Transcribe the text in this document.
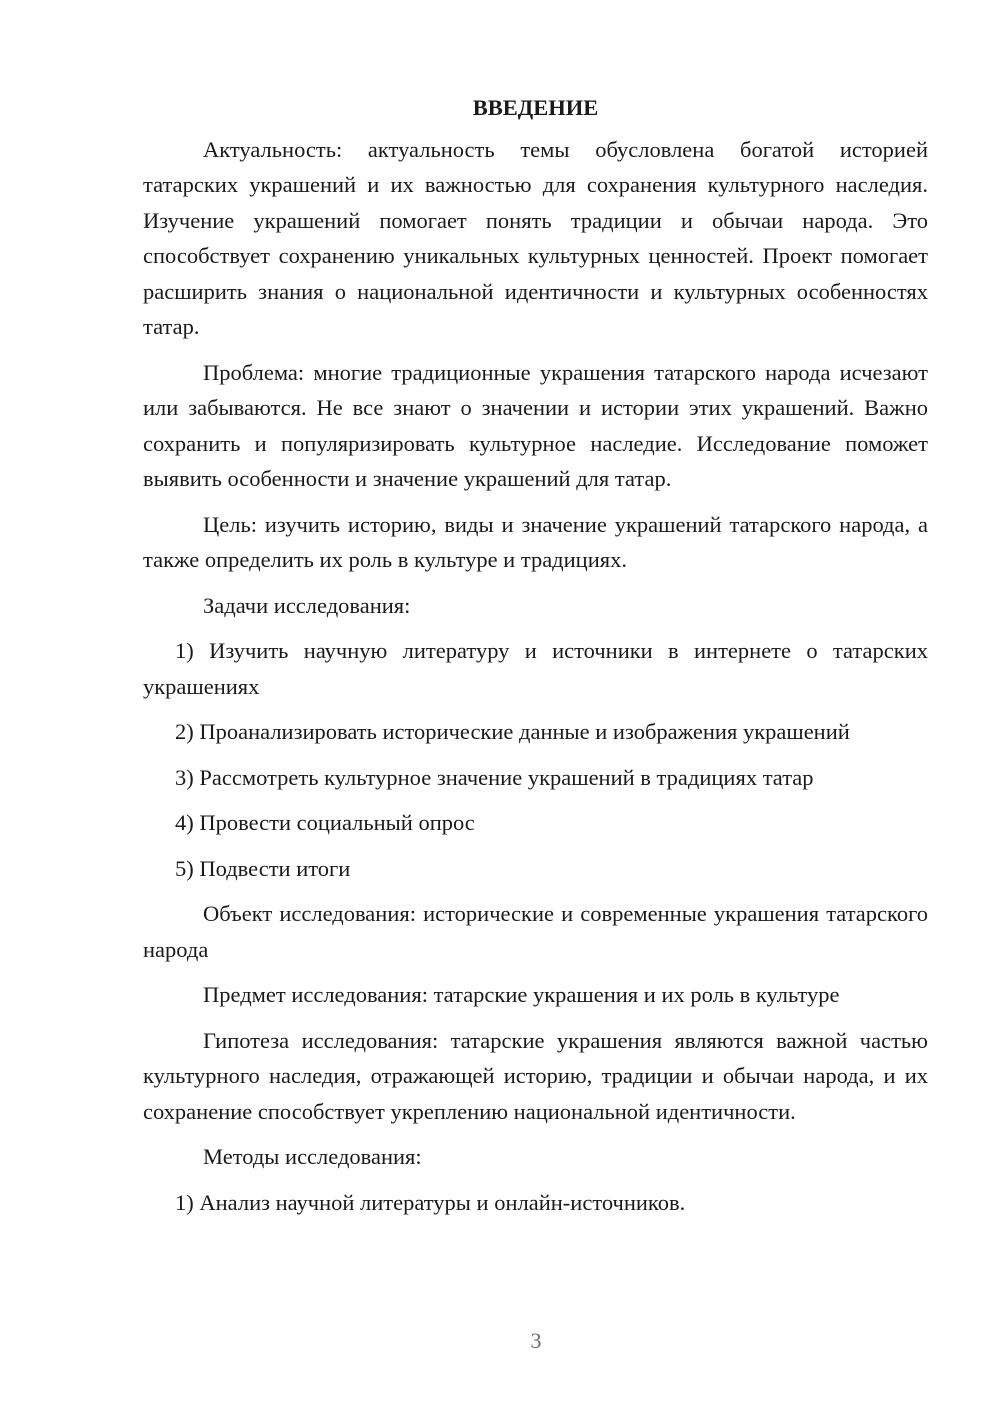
ВВЕДЕНИЕ

Актуальность: актуальность темы обусловлена богатой историей татарских украшений и их важностью для сохранения культурного наследия. Изучение украшений помогает понять традиции и обычаи народа. Это способствует сохранению уникальных культурных ценностей. Проект помогает расширить знания о национальной идентичности и культурных особенностях татар.

Проблема: многие традиционные украшения татарского народа исчезают или забываются. Не все знают о значении и истории этих украшений. Важно сохранить и популяризировать культурное наследие. Исследование поможет выявить особенности и значение украшений для татар.

Цель: изучить историю, виды и значение украшений татарского народа, а также определить их роль в культуре и традициях.

Задачи исследования:

1) Изучить научную литературу и источники в интернете о татарских украшениях

2) Проанализировать исторические данные и изображения украшений

3) Рассмотреть культурное значение украшений в традициях татар

4) Провести социальный опрос

5) Подвести итоги

Объект исследования: исторические и современные украшения татарского народа

Предмет исследования: татарские украшения и их роль в культуре

Гипотеза исследования: татарские украшения являются важной частью культурного наследия, отражающей историю, традиции и обычаи народа, и их сохранение способствует укреплению национальной идентичности.

Методы исследования:

1) Анализ научной литературы и онлайн-источников.

3
